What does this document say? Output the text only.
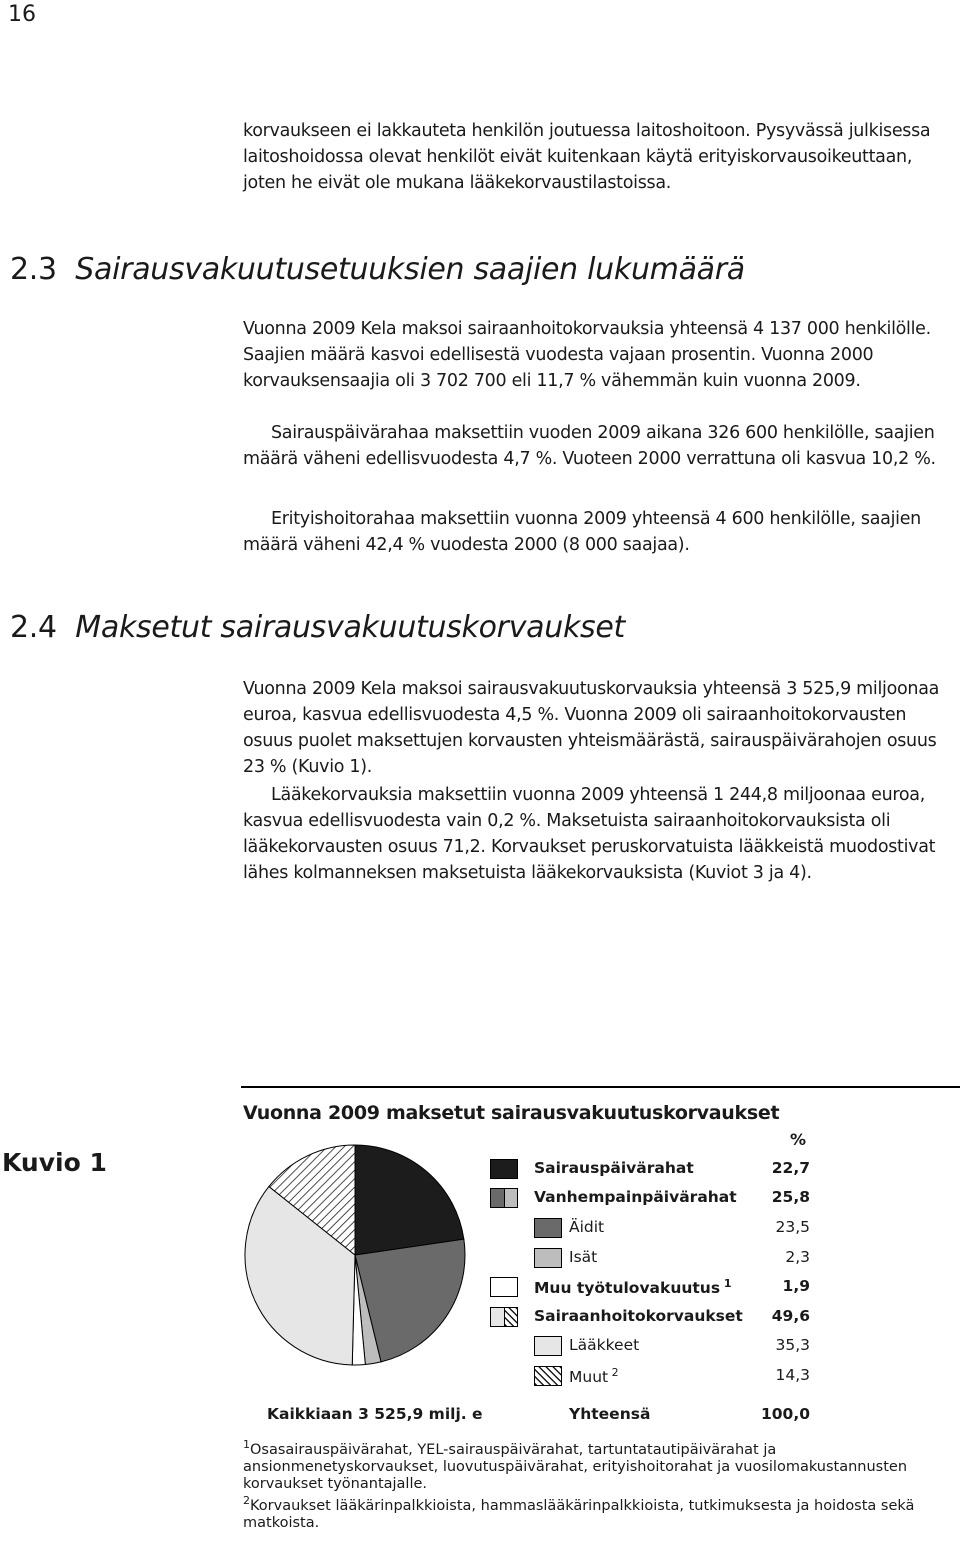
16

korvaukseen ei lakkauteta henkilön joutuessa laitoshoitoon. Pysyvässä julkisessa laitoshoidossa olevat henkilöt eivät kuitenkaan käytä erityiskorvausoikeuttaan, joten he eivät ole mukana lääkekorvaustilastoissa.

2.3 Sairausvakuutusetuuksien saajien lukumäärä

Vuonna 2009 Kela maksoi sairaanhoitokorvauksia yhteensä 4 137 000 henkilölle. Saajien määrä kasvoi edellisestä vuodesta vajaan prosentin. Vuonna 2000 korvauksensaajia oli 3 702 700 eli 11,7 % vähemmän kuin vuonna 2009.

Sairauspäivärahaa maksettiin vuoden 2009 aikana 326 600 henkilölle, saajien määrä väheni edellisvuodesta 4,7 %. Vuoteen 2000 verrattuna oli kasvua 10,2 %.

Erityishoitorahaa maksettiin vuonna 2009 yhteensä 4 600 henkilölle, saajien määrä väheni 42,4 % vuodesta 2000 (8 000 saajaa).

2.4 Maksetut sairausvakuutuskorvaukset

Vuonna 2009 Kela maksoi sairausvakuutuskorvauksia yhteensä 3 525,9 miljoonaa euroa, kasvua edellisvuodesta 4,5 %. Vuonna 2009 oli sairaanhoitokorvausten osuus puolet maksettujen korvausten yhteismäärästä, sairauspäivärahojen osuus 23 % (Kuvio 1).

Lääkekorvauksia maksettiin vuonna 2009 yhteensä 1 244,8 miljoonaa euroa, kasvua edellisvuodesta vain 0,2 %. Maksetuista sairaanhoitokorvauksista oli lääkekorvausten osuus 71,2. Korvaukset peruskorvatuista lääkkeistä muodostivat lähes kolmanneksen maksetuista lääkekorvauksista (Kuviot 3 ja 4).

Kuvio 1
Vuonna 2009 maksetut sairausvakuutuskorvaukset
%
Sairauspäivärahat	22,7
Vanhempainpäivärahat	25,8
Äidit	23,5
Isät	2,3
Muu työtulovakuutus $^1$	1,9
Sairaanhoitokorvaukset	49,6
Lääkkeet	35,3
Muut $^2$	14,3
Kaikkiaan 3 525,9 milj. e	Yhteensä	100,0

$^1$Osasairauspäivärahat, YEL-sairauspäivärahat, tartuntatautipäivärahat ja ansionmenetyskorvaukset, luovutuspäivärahat, erityishoitorahat ja vuosilomakustannusten korvaukset työnantajalle.

$^2$Korvaukset lääkärinpalkkioista, hammaslääkärinpalkkioista, tutkimuksesta ja hoidosta sekä matkoista.
